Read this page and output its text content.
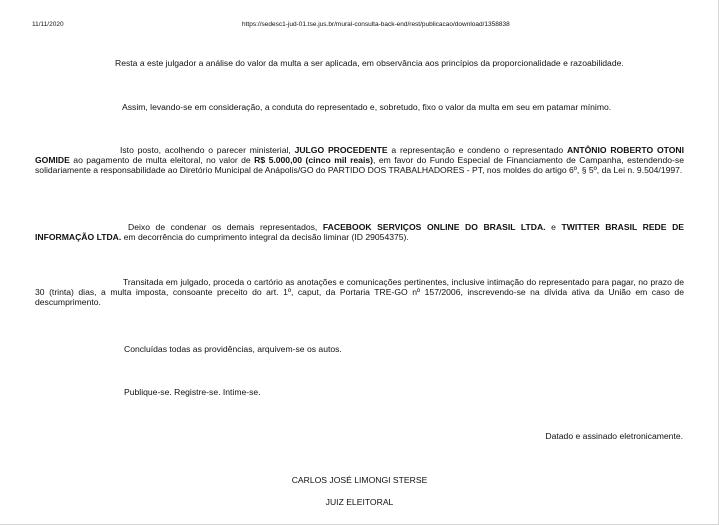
11/11/2020	https://sedesc1-jud-01.tse.jus.br/mural-consulta-back-end/rest/publicacao/download/1358838
Resta a este julgador a análise do valor da multa a ser aplicada, em observância aos princípios da proporcionalidade e razoabilidade.
Assim, levando-se em consideração, a conduta do representado e, sobretudo, fixo o valor da multa em seu em patamar mínimo.

Isto posto, acolhendo o parecer ministerial, JULGO PROCEDENTE a representação e condeno o representado ANTÔNIO ROBERTO OTONI GOMIDE ao pagamento de multa eleitoral, no valor de R$ 5.000,00 (cinco mil reais), em favor do Fundo Especial de Financiamento de Campanha, estendendo-se solidariamente a responsabilidade ao Diretório Municipal de Anápolis/GO do PARTIDO DOS TRABALHADORES - PT, nos moldes do artigo 6º, § 5º, da Lei n. 9.504/1997.

Deixo de condenar os demais representados, FACEBOOK SERVIÇOS ONLINE DO BRASIL LTDA. e TWITTER BRASIL REDE DE INFORMAÇÃO LTDA. em decorrência do cumprimento integral da decisão liminar (ID 29054375).

Transitada em julgado, proceda o cartório as anotações e comunicações pertinentes, inclusive intimação do representado para pagar, no prazo de 30 (trinta) dias, a multa imposta, consoante preceito do art. 1º, caput, da Portaria TRE-GO nº 157/2006, inscrevendo-se na dívida ativa da União em caso de descumprimento.

Concluídas todas as providências, arquivem-se os autos.
Publique-se. Registre-se. Intime-se.
Datado e assinado eletronicamente.
CARLOS JOSÉ LIMONGI STERSE
JUIZ ELEITORAL
